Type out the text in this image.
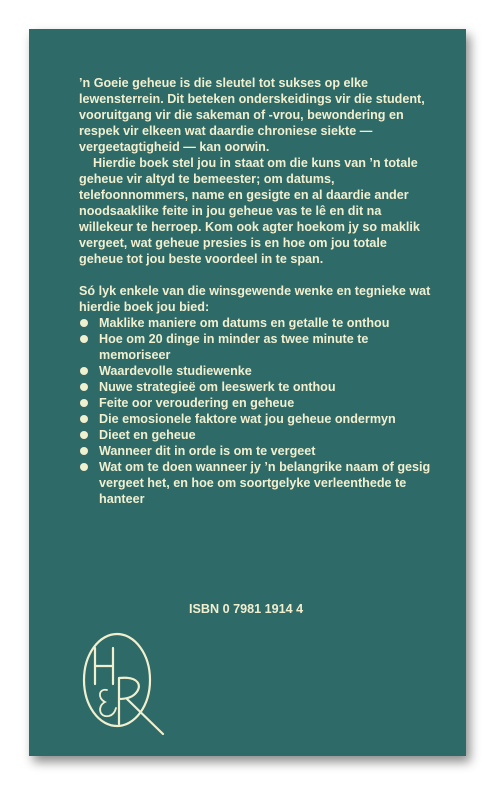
’n Goeie geheue is die sleutel tot sukses op elke lewensterrein. Dit beteken onderskeidings vir die student, vooruitgang vir die sakeman of -vrou, bewondering en respek vir elkeen wat daardie chroniese siekte — vergeetagtigheid — kan oorwin.

Hierdie boek stel jou in staat om die kuns van ’n totale geheue vir altyd te bemeester; om datums, telefoonnommers, name en gesigte en al daardie ander noodsaaklike feite in jou geheue vas te lê en dit na willekeur te herroep. Kom ook agter hoekom jy so maklik vergeet, wat geheue presies is en hoe om jou totale geheue tot jou beste voordeel in te span.

Só lyk enkele van die winsgewende wenke en tegnieke wat hierdie boek jou bied:

Maklike maniere om datums en getalle te onthou
Hoe om 20 dinge in minder as twee minute te memoriseer
Waardevolle studiewenke
Nuwe strategieë om leeswerk te onthou
Feite oor veroudering en geheue
Die emosionele faktore wat jou geheue ondermyn
Dieet en geheue
Wanneer dit in orde is om te vergeet
Wat om te doen wanneer jy ’n belangrike naam of gesig vergeet het, en hoe om soortgelyke verleenthede te hanteer
ISBN 0 7981 1914 4
